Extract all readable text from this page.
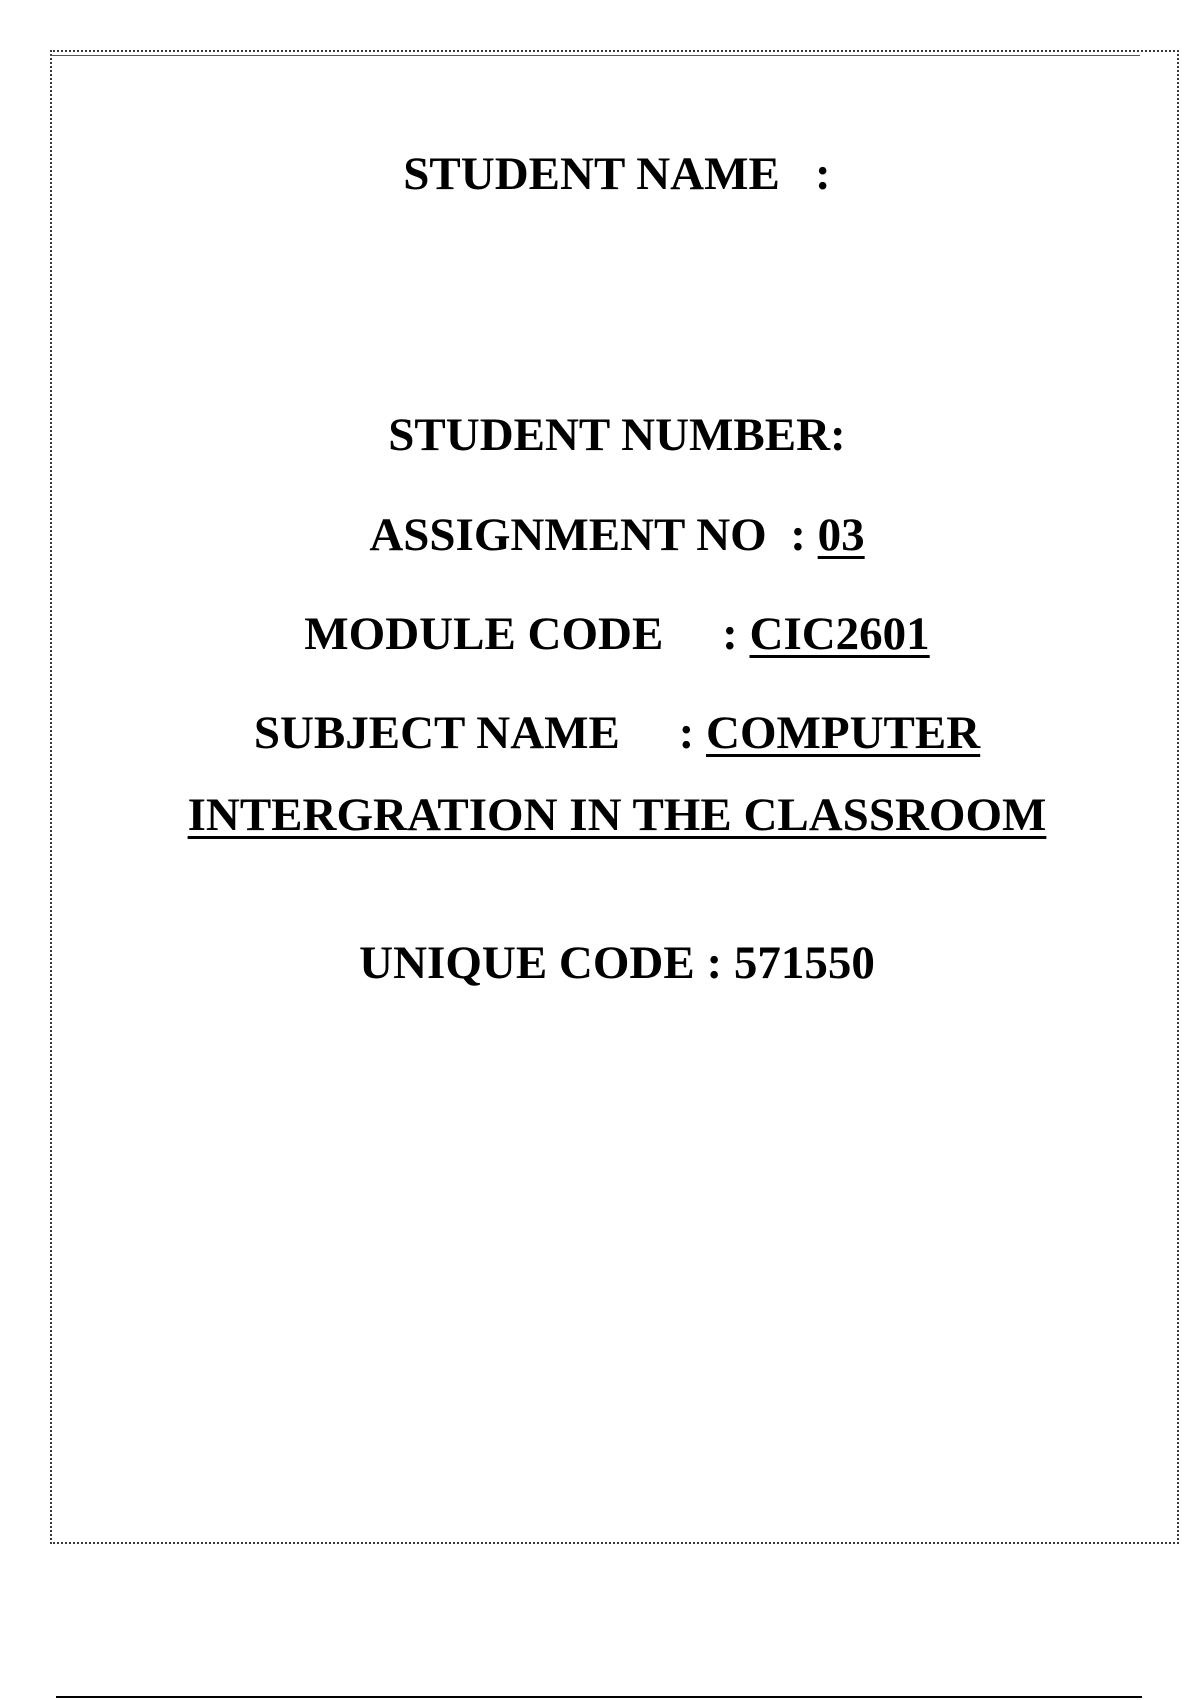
STUDENT NAME   :
STUDENT NUMBER:
ASSIGNMENT NO  : 03
MODULE CODE     : CIC2601
SUBJECT NAME     : COMPUTER
INTERGRATION IN THE CLASSROOM
UNIQUE CODE : 571550
